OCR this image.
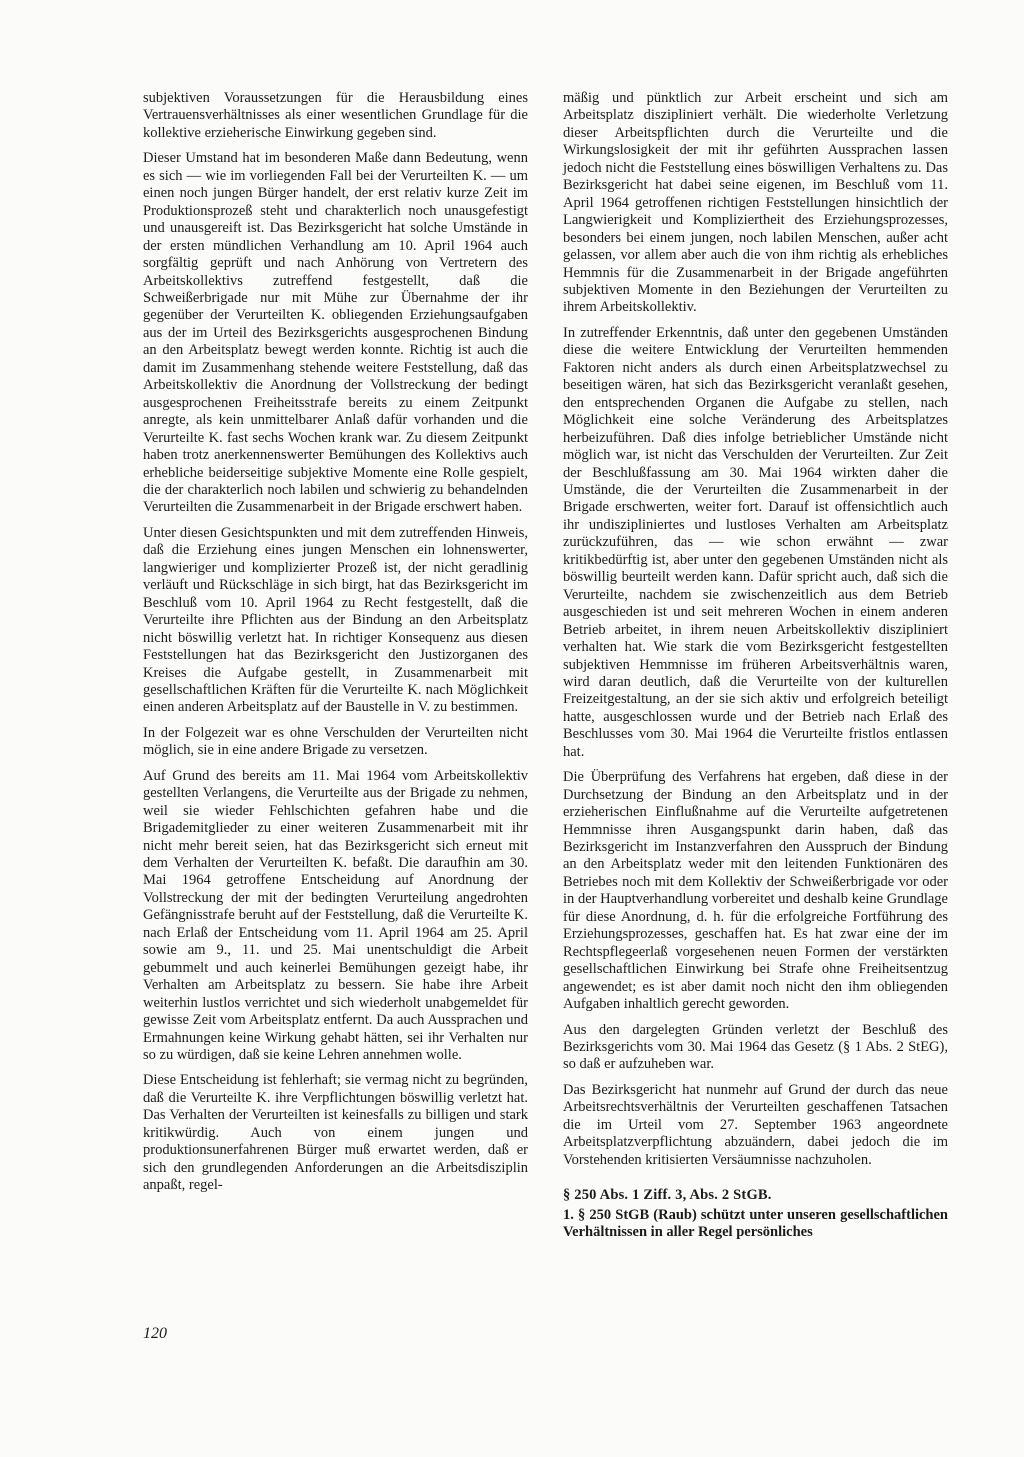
subjektiven Voraussetzungen für die Herausbildung eines Vertrauensverhältnisses als einer wesentlichen Grundlage für die kollektive erzieherische Einwirkung gegeben sind.

Dieser Umstand hat im besonderen Maße dann Bedeutung, wenn es sich — wie im vorliegenden Fall bei der Verurteilten K. — um einen noch jungen Bürger handelt, der erst relativ kurze Zeit im Produktionsprozeß steht und charakterlich noch unausgefestigt und unausgereift ist. Das Bezirksgericht hat solche Umstände in der ersten mündlichen Verhandlung am 10. April 1964 auch sorgfältig geprüft und nach Anhörung von Vertretern des Arbeitskollektivs zutreffend festgestellt, daß die Schweißerbrigade nur mit Mühe zur Übernahme der ihr gegenüber der Verurteilten K. obliegenden Erziehungsaufgaben aus der im Urteil des Bezirksgerichts ausgesprochenen Bindung an den Arbeitsplatz bewegt werden konnte. Richtig ist auch die damit im Zusammenhang stehende weitere Feststellung, daß das Arbeitskollektiv die Anordnung der Vollstreckung der bedingt ausgesprochenen Freiheitsstrafe bereits zu einem Zeitpunkt anregte, als kein unmittelbarer Anlaß dafür vorhanden und die Verurteilte K. fast sechs Wochen krank war. Zu diesem Zeitpunkt haben trotz anerkennenswerter Bemühungen des Kollektivs auch erhebliche beiderseitige subjektive Momente eine Rolle gespielt, die der charakterlich noch labilen und schwierig zu behandelnden Verurteilten die Zusammenarbeit in der Brigade erschwert haben.

Unter diesen Gesichtspunkten und mit dem zutreffenden Hinweis, daß die Erziehung eines jungen Menschen ein lohnenswerter, langwieriger und komplizierter Prozeß ist, der nicht geradlinig verläuft und Rückschläge in sich birgt, hat das Bezirksgericht im Beschluß vom 10. April 1964 zu Recht festgestellt, daß die Verurteilte ihre Pflichten aus der Bindung an den Arbeitsplatz nicht böswillig verletzt hat. In richtiger Konsequenz aus diesen Feststellungen hat das Bezirksgericht den Justizorganen des Kreises die Aufgabe gestellt, in Zusammenarbeit mit gesellschaftlichen Kräften für die Verurteilte K. nach Möglichkeit einen anderen Arbeitsplatz auf der Baustelle in V. zu bestimmen.

In der Folgezeit war es ohne Verschulden der Verurteilten nicht möglich, sie in eine andere Brigade zu versetzen.

Auf Grund des bereits am 11. Mai 1964 vom Arbeitskollektiv gestellten Verlangens, die Verurteilte aus der Brigade zu nehmen, weil sie wieder Fehlschichten gefahren habe und die Brigademitglieder zu einer weiteren Zusammenarbeit mit ihr nicht mehr bereit seien, hat das Bezirksgericht sich erneut mit dem Verhalten der Verurteilten K. befaßt. Die daraufhin am 30. Mai 1964 getroffene Entscheidung auf Anordnung der Vollstreckung der mit der bedingten Verurteilung angedrohten Gefängnisstrafe beruht auf der Feststellung, daß die Verurteilte K. nach Erlaß der Entscheidung vom 11. April 1964 am 25. April sowie am 9., 11. und 25. Mai unentschuldigt die Arbeit gebummelt und auch keinerlei Bemühungen gezeigt habe, ihr Verhalten am Arbeitsplatz zu bessern. Sie habe ihre Arbeit weiterhin lustlos verrichtet und sich wiederholt unabgemeldet für gewisse Zeit vom Arbeitsplatz entfernt. Da auch Aussprachen und Ermahnungen keine Wirkung gehabt hätten, sei ihr Verhalten nur so zu würdigen, daß sie keine Lehren annehmen wolle.

Diese Entscheidung ist fehlerhaft; sie vermag nicht zu begründen, daß die Verurteilte K. ihre Verpflichtungen böswillig verletzt hat. Das Verhalten der Verurteilten ist keinesfalls zu billigen und stark kritikwürdig. Auch von einem jungen und produktionsunerfahrenen Bürger muß erwartet werden, daß er sich den grundlegenden Anforderungen an die Arbeitsdisziplin anpaßt, regel-

mäßig und pünktlich zur Arbeit erscheint und sich am Arbeitsplatz diszipliniert verhält. Die wiederholte Verletzung dieser Arbeitspflichten durch die Verurteilte und die Wirkungslosigkeit der mit ihr geführten Aussprachen lassen jedoch nicht die Feststellung eines böswilligen Verhaltens zu. Das Bezirksgericht hat dabei seine eigenen, im Beschluß vom 11. April 1964 getroffenen richtigen Feststellungen hinsichtlich der Langwierigkeit und Kompliziertheit des Erziehungsprozesses, besonders bei einem jungen, noch labilen Menschen, außer acht gelassen, vor allem aber auch die von ihm richtig als erhebliches Hemmnis für die Zusammenarbeit in der Brigade angeführten subjektiven Momente in den Beziehungen der Verurteilten zu ihrem Arbeitskollektiv.

In zutreffender Erkenntnis, daß unter den gegebenen Umständen diese die weitere Entwicklung der Verurteilten hemmenden Faktoren nicht anders als durch einen Arbeitsplatzwechsel zu beseitigen wären, hat sich das Bezirksgericht veranlaßt gesehen, den entsprechenden Organen die Aufgabe zu stellen, nach Möglichkeit eine solche Veränderung des Arbeitsplatzes herbeizuführen. Daß dies infolge betrieblicher Umstände nicht möglich war, ist nicht das Verschulden der Verurteilten. Zur Zeit der Beschlußfassung am 30. Mai 1964 wirkten daher die Umstände, die der Verurteilten die Zusammenarbeit in der Brigade erschwerten, weiter fort. Darauf ist offensichtlich auch ihr undiszipliniertes und lustloses Verhalten am Arbeitsplatz zurückzuführen, das — wie schon erwähnt — zwar kritikbedürftig ist, aber unter den gegebenen Umständen nicht als böswillig beurteilt werden kann. Dafür spricht auch, daß sich die Verurteilte, nachdem sie zwischenzeitlich aus dem Betrieb ausgeschieden ist und seit mehreren Wochen in einem anderen Betrieb arbeitet, in ihrem neuen Arbeitskollektiv diszipliniert verhalten hat. Wie stark die vom Bezirksgericht festgestellten subjektiven Hemmnisse im früheren Arbeitsverhältnis waren, wird daran deutlich, daß die Verurteilte von der kulturellen Freizeitgestaltung, an der sie sich aktiv und erfolgreich beteiligt hatte, ausgeschlossen wurde und der Betrieb nach Erlaß des Beschlusses vom 30. Mai 1964 die Verurteilte fristlos entlassen hat.

Die Überprüfung des Verfahrens hat ergeben, daß diese in der Durchsetzung der Bindung an den Arbeitsplatz und in der erzieherischen Einflußnahme auf die Verurteilte aufgetretenen Hemmnisse ihren Ausgangspunkt darin haben, daß das Bezirksgericht im Instanzverfahren den Ausspruch der Bindung an den Arbeitsplatz weder mit den leitenden Funktionären des Betriebes noch mit dem Kollektiv der Schweißerbrigade vor oder in der Hauptverhandlung vorbereitet und deshalb keine Grundlage für diese Anordnung, d. h. für die erfolgreiche Fortführung des Erziehungsprozesses, geschaffen hat. Es hat zwar eine der im Rechtspflegeerlaß vorgesehenen neuen Formen der verstärkten gesellschaftlichen Einwirkung bei Strafe ohne Freiheitsentzug angewendet; es ist aber damit noch nicht den ihm obliegenden Aufgaben inhaltlich gerecht geworden.

Aus den dargelegten Gründen verletzt der Beschluß des Bezirksgerichts vom 30. Mai 1964 das Gesetz (§ 1 Abs. 2 StEG), so daß er aufzuheben war.

Das Bezirksgericht hat nunmehr auf Grund der durch das neue Arbeitsrechtsverhältnis der Verurteilten geschaffenen Tatsachen die im Urteil vom 27. September 1963 angeordnete Arbeitsplatzverpflichtung abzuändern, dabei jedoch die im Vorstehenden kritisierten Versäumnisse nachzuholen.

§ 250 Abs. 1 Ziff. 3, Abs. 2 StGB.

1. § 250 StGB (Raub) schützt unter unseren gesellschaftlichen Verhältnissen in aller Regel persönliches

120
